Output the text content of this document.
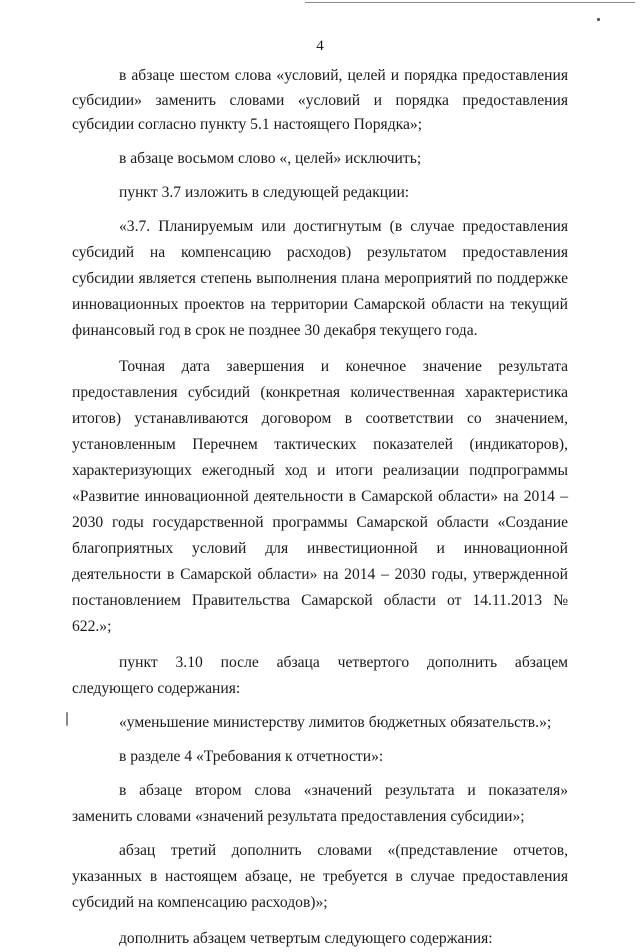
4

в абзаце шестом слова «условий, целей и порядка предоставления субсидии» заменить словами «условий и порядка предоставления субсидии согласно пункту 5.1 настоящего Порядка»;

в абзаце восьмом слово «, целей» исключить;

пункт 3.7 изложить в следующей редакции:

«3.7. Планируемым или достигнутым (в случае предоставления субсидий на компенсацию расходов) результатом предоставления субсидии является степень выполнения плана мероприятий по поддержке инновационных проектов на территории Самарской области на текущий финансовый год в срок не позднее 30 декабря текущего года.

Точная дата завершения и конечное значение результата предоставления субсидий (конкретная количественная характеристика итогов) устанавливаются договором в соответствии со значением, установленным Перечнем тактических показателей (индикаторов), характеризующих ежегодный ход и итоги реализации подпрограммы «Развитие инновационной деятельности в Самарской области» на 2014 – 2030 годы государственной программы Самарской области «Создание благоприятных условий для инвестиционной и инновационной деятельности в Самарской области» на 2014 – 2030 годы, утвержденной постановлением Правительства Самарской области от 14.11.2013 № 622.»;

пункт 3.10 после абзаца четвертого дополнить абзацем следующего содержания:

«уменьшение министерству лимитов бюджетных обязательств.»;

в разделе 4 «Требования к отчетности»:

в абзаце втором слова «значений результата и показателя» заменить словами «значений результата предоставления субсидии»;

абзац третий дополнить словами «(представление отчетов, указанных в настоящем абзаце, не требуется в случае предоставления субсидий на компенсацию расходов)»;

дополнить абзацем четвертым следующего содержания:
